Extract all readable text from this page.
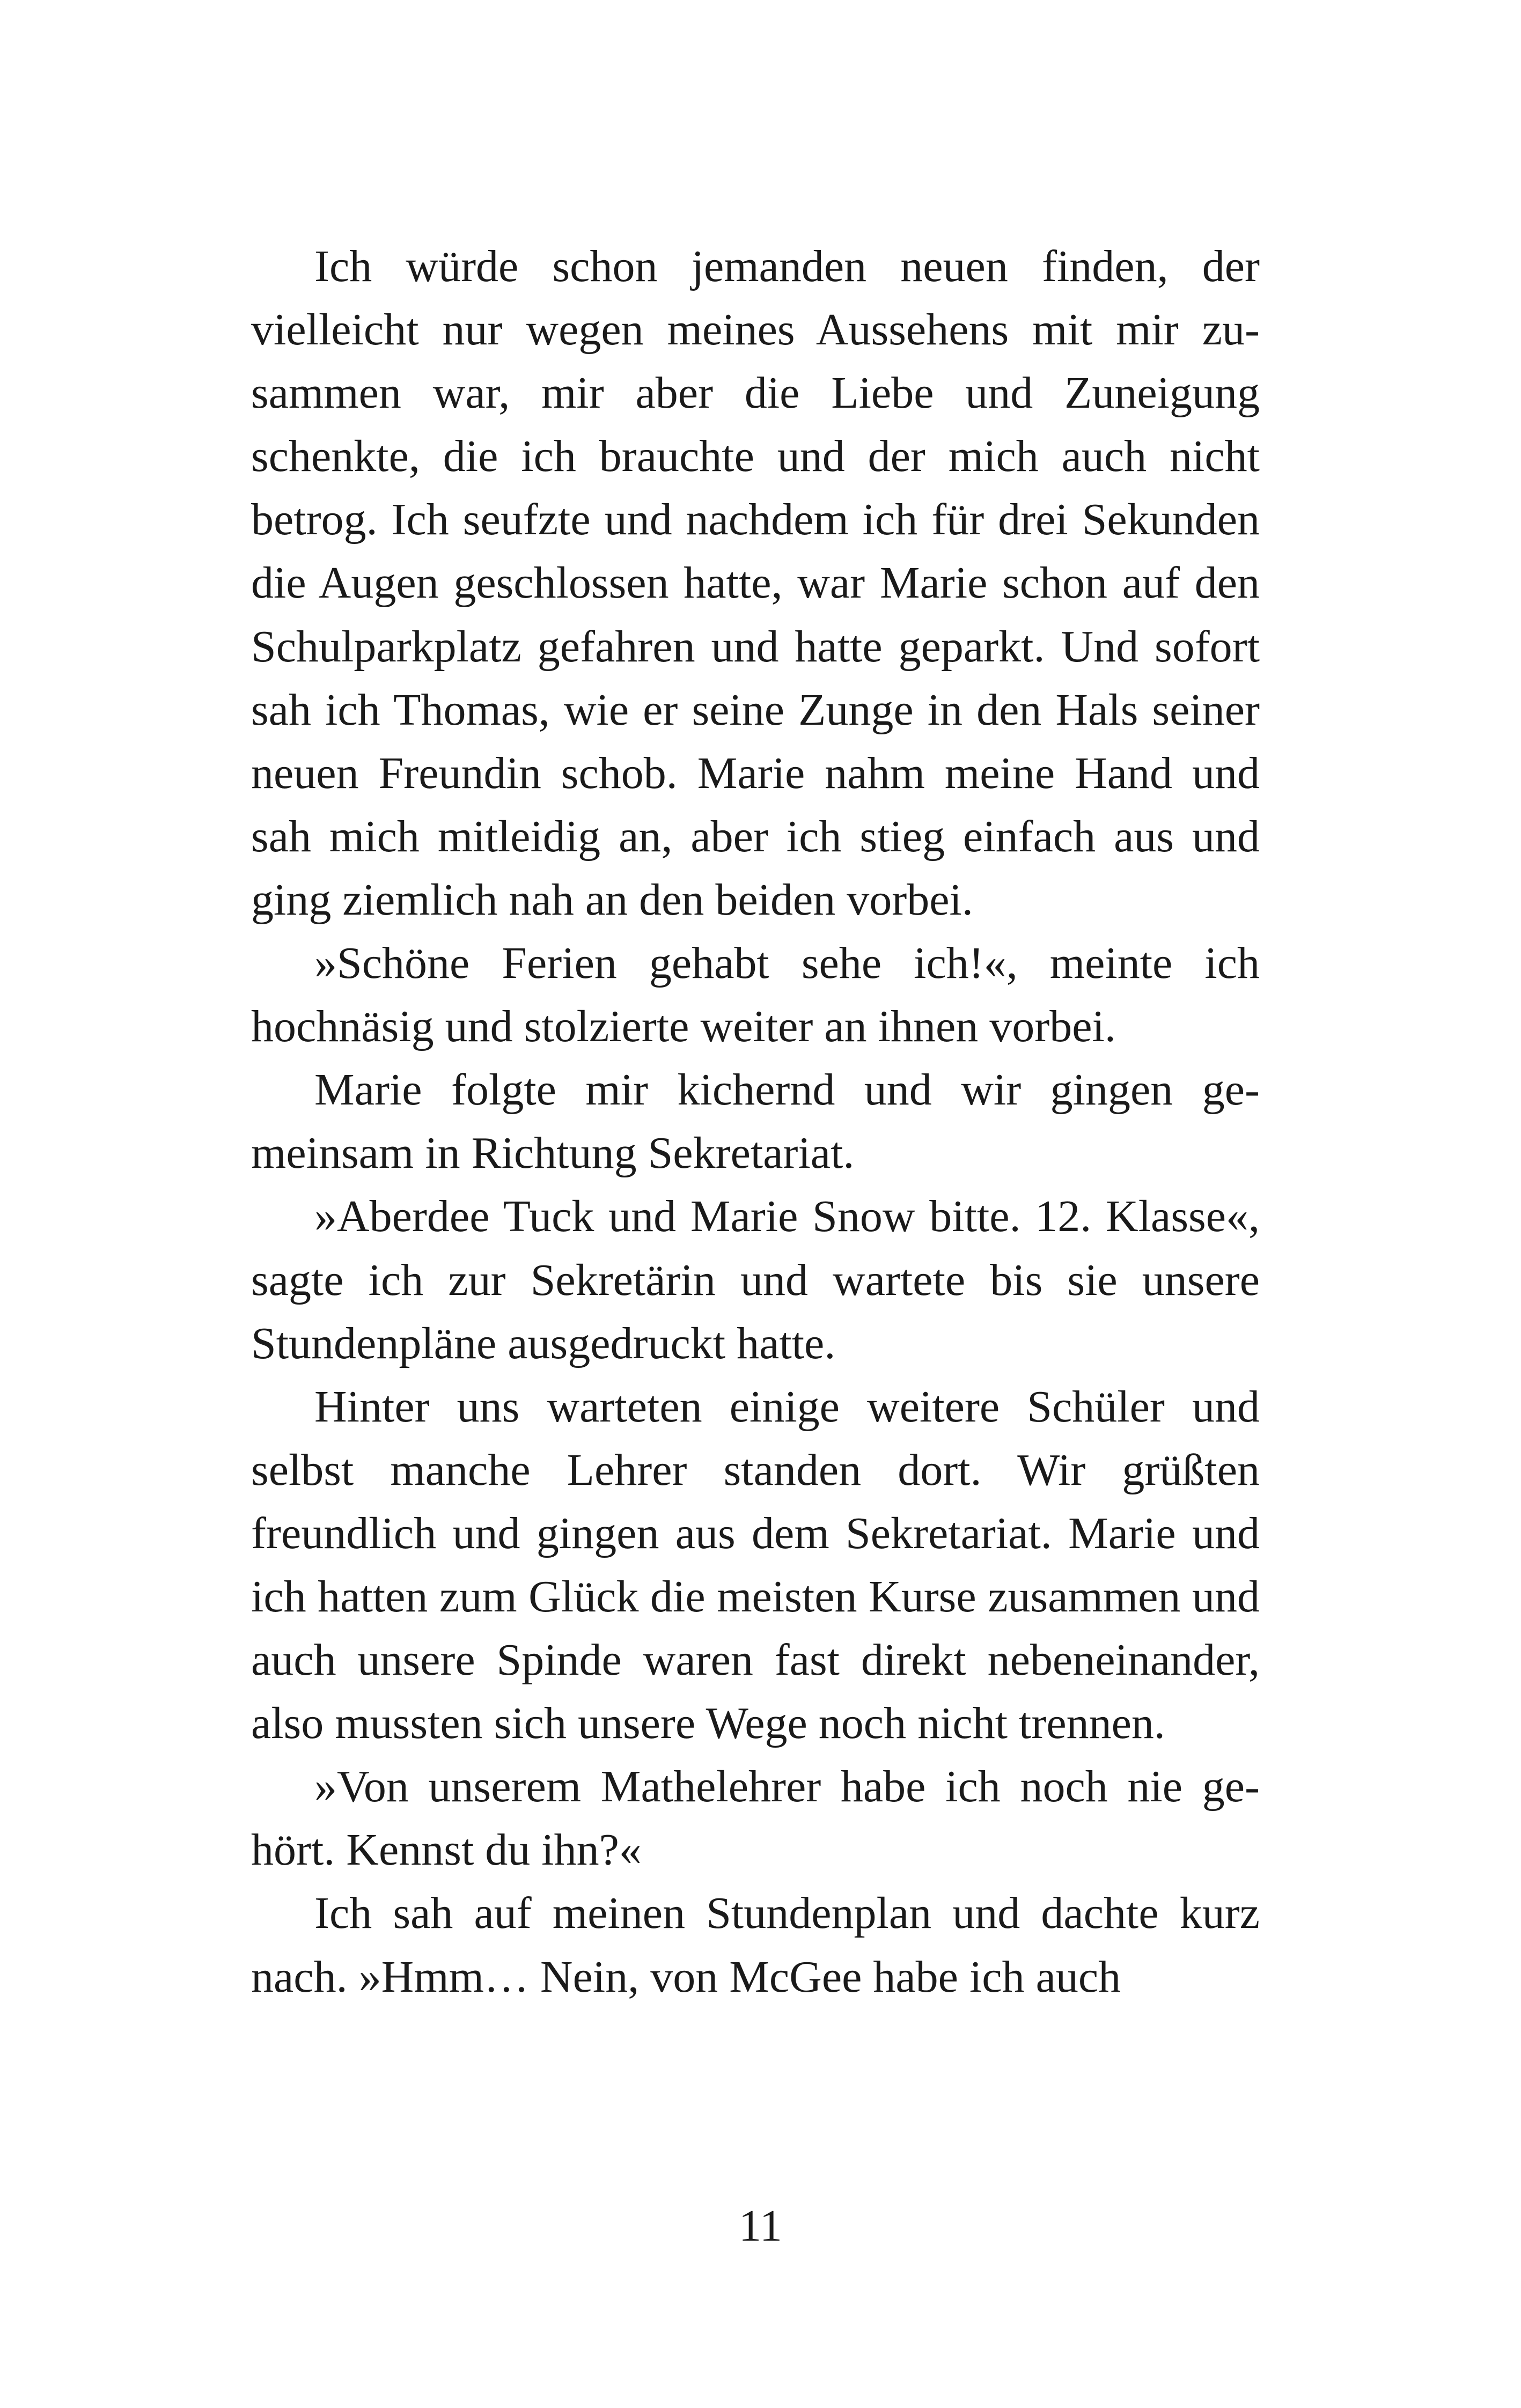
Ich würde schon jemanden neuen finden, der vielleicht nur wegen meines Aussehens mit mir zusammen war, mir aber die Liebe und Zuneigung schenkte, die ich brauchte und der mich auch nicht betrog. Ich seufzte und nachdem ich für drei Sekunden die Augen geschlossen hatte, war Marie schon auf den Schulparkplatz gefahren und hatte geparkt. Und sofort sah ich Thomas, wie er seine Zunge in den Hals seiner neuen Freundin schob. Marie nahm meine Hand und sah mich mitleidig an, aber ich stieg einfach aus und ging ziemlich nah an den beiden vorbei.

»Schöne Ferien gehabt sehe ich!«, meinte ich hochnäsig und stolzierte weiter an ihnen vorbei.

Marie folgte mir kichernd und wir gingen gemeinsam in Richtung Sekretariat.

»Aberdee Tuck und Marie Snow bitte. 12. Klasse«, sagte ich zur Sekretärin und wartete bis sie unsere Stundenpläne ausgedruckt hatte.

Hinter uns warteten einige weitere Schüler und selbst manche Lehrer standen dort. Wir grüßten freundlich und gingen aus dem Sekretariat. Marie und ich hatten zum Glück die meisten Kurse zusammen und auch unsere Spinde waren fast direkt nebeneinander, also mussten sich unsere Wege noch nicht trennen.

»Von unserem Mathelehrer habe ich noch nie gehört. Kennst du ihn?«

Ich sah auf meinen Stundenplan und dachte kurz nach. »Hmm… Nein, von McGee habe ich auch

11
